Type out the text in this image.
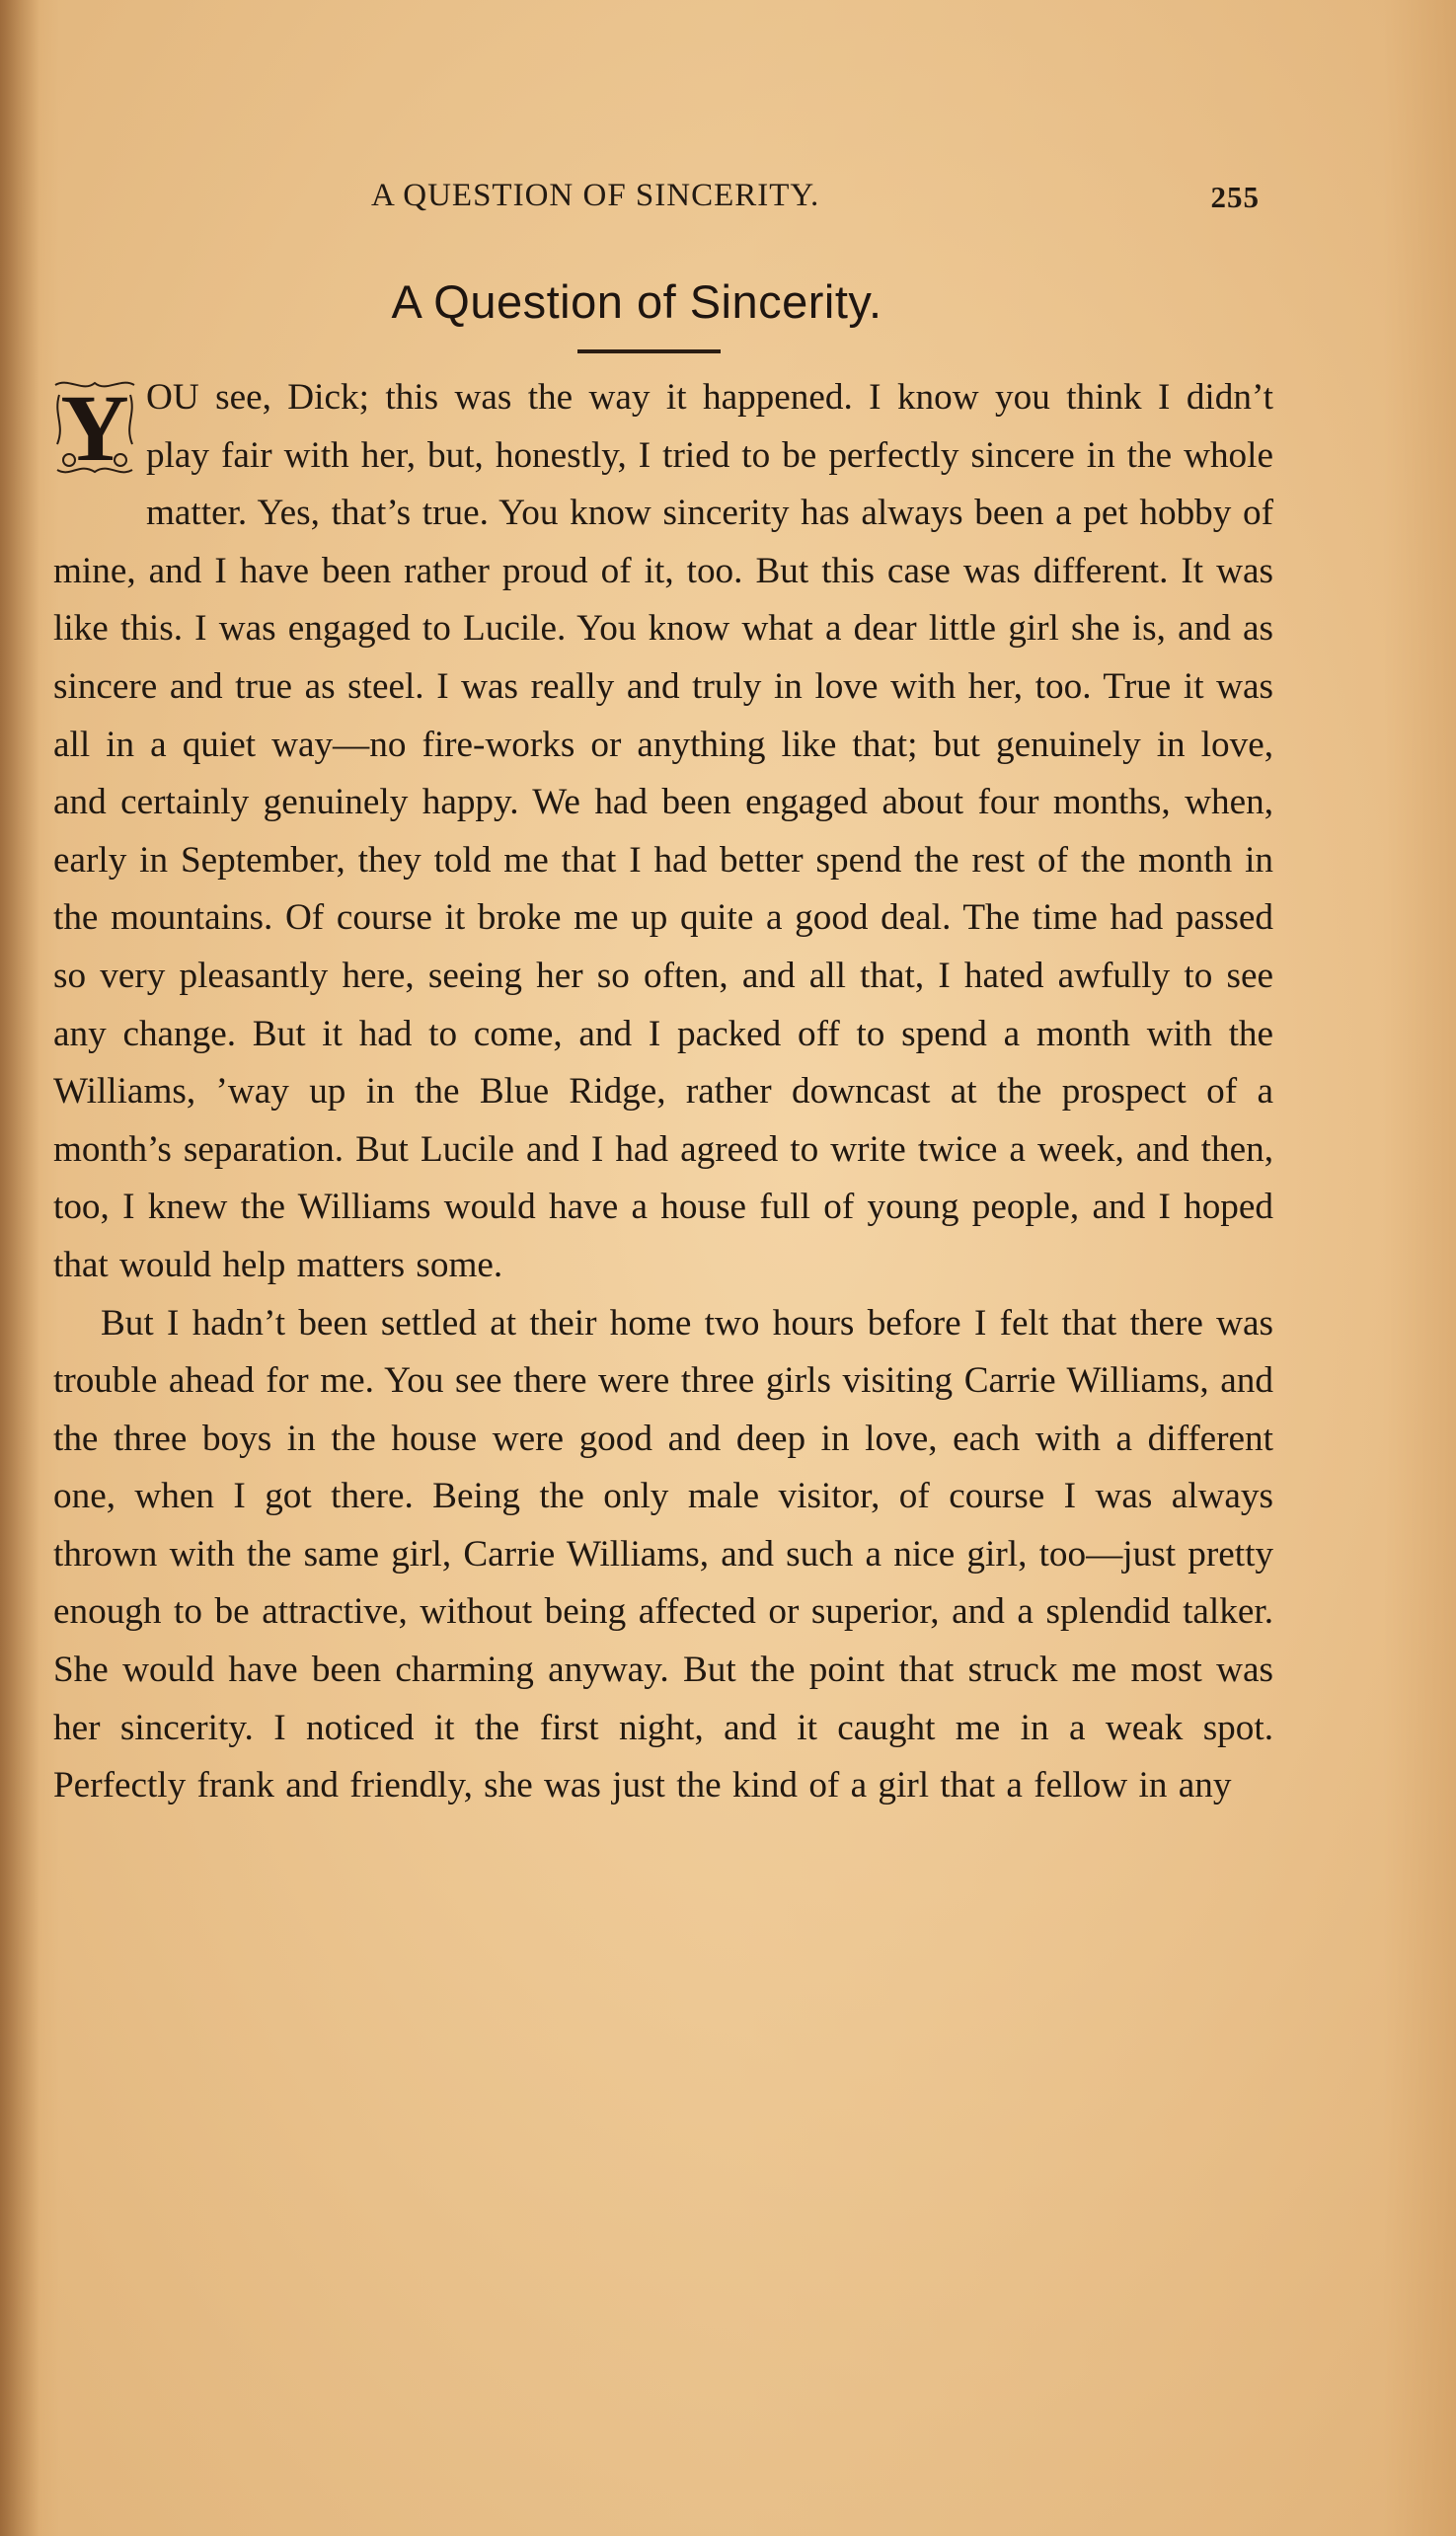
A QUESTION OF SINCERITY.	255
A Question of Sincerity.

Y OU see, Dick; this was the way it happened. I know you think I didn’t play fair with her, but, honestly, I tried to be perfectly sincere in the whole matter. Yes, that’s true. You know sincerity has always been a pet hobby of mine, and I have been rather proud of it, too. But this case was different. It was like this. I was engaged to Lucile. You know what a dear little girl she is, and as sincere and true as steel. I was really and truly in love with her, too. True it was all in a quiet way—no fire-works or anything like that; but genuinely in love, and certainly genuinely happy. We had been engaged about four months, when, early in September, they told me that I had better spend the rest of the month in the mountains. Of course it broke me up quite a good deal. The time had passed so very pleasantly here, seeing her so often, and all that, I hated awfully to see any change. But it had to come, and I packed off to spend a month with the Williams, ’way up in the Blue Ridge, rather downcast at the prospect of a month’s separation. But Lucile and I had agreed to write twice a week, and then, too, I knew the Williams would have a house full of young people, and I hoped that would help matters some.

But I hadn’t been settled at their home two hours before I felt that there was trouble ahead for me. You see there were three girls visiting Carrie Williams, and the three boys in the house were good and deep in love, each with a different one, when I got there. Being the only male visitor, of course I was always thrown with the same girl, Carrie Williams, and such a nice girl, too—just pretty enough to be attractive, without being affected or superior, and a splendid talker. She would have been charming anyway. But the point that struck me most was her sincerity. I noticed it the first night, and it caught me in a weak spot. Perfectly frank and friendly, she was just the kind of a girl that a fellow in any
